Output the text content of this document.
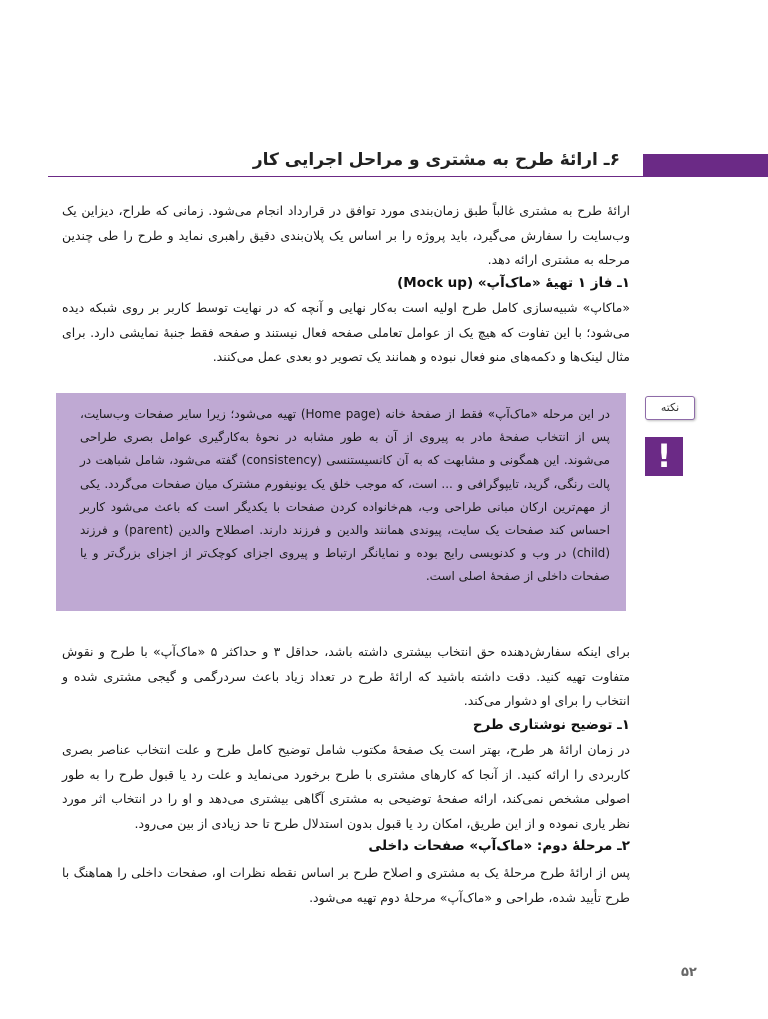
۶ـ ارائهٔ طرح به مشتری و مراحل اجرایی کار

ارائهٔ طرح به مشتری غالباً طبق زمان‌بندی مورد توافق در قرارداد انجام می‌شود. زمانی که طراح، دیزاین یک وب‌سایت را سفارش می‌گیرد، باید پروژه را بر اساس یک پلان‌بندی دقیق راهبری نماید و طرح را طی چندین مرحله به مشتری ارائه دهد.

۱ـ فاز ۱ تهیهٔ «ماک‌آپ» (Mock up)

«ماکاپ» شبیه‌سازی کامل طرح اولیه است به‌کار نهایی و آنچه که در نهایت توسط کاربر بر روی شبکه دیده می‌شود؛ با این تفاوت که هیچ یک از عوامل تعاملی صفحه فعال نیستند و صفحه فقط جنبهٔ نمایشی دارد. برای مثال لینک‌ها و دکمه‌های منو فعال نبوده و همانند یک تصویر دو بعدی عمل می‌کنند.

در این مرحله «ماک‌آپ» فقط از صفحهٔ خانه (Home page) تهیه می‌شود؛ زیرا سایر صفحات وب‌سایت، پس از انتخاب صفحهٔ مادر به پیروی از آن به طور مشابه در نحوهٔ به‌کارگیری عوامل بصری طراحی می‌شوند. این همگونی و مشابهت که به آن کانسیستنسی (consistency) گفته می‌شود، شامل شباهت در پالت رنگی، گرید، تایپوگرافی و ... است، که موجب خلق یک یونیفورم مشترک میان صفحات می‌گردد. یکی از مهم‌ترین ارکان مبانی طراحی وب، هم‌خانواده کردن صفحات با یکدیگر است که باعث می‌شود کاربر احساس کند صفحات یک سایت، پیوندی همانند والدین و فرزند دارند. اصطلاح والدین (parent) و فرزند (child) در وب و کدنویسی رایج بوده و نمایانگر ارتباط و پیروی اجزای کوچک‌تر از اجزای بزرگ‌تر و یا صفحات داخلی از صفحهٔ اصلی است.

نکته
!

برای اینکه سفارش‌دهنده حق انتخاب بیشتری داشته باشد، حداقل ۳ و حداکثر ۵ «ماک‌آپ» با طرح و نقوش متفاوت تهیه کنید. دقت داشته باشید که ارائهٔ طرح در تعداد زیاد باعث سردرگمی و گیجی مشتری شده و انتخاب را برای او دشوار می‌کند.

۱ـ توضیح نوشتاری طرح

در زمان ارائهٔ هر طرح، بهتر است یک صفحهٔ مکتوب شامل توضیح کامل طرح و علت انتخاب عناصر بصری کاربردی را ارائه کنید. از آنجا که کارهای مشتری با طرح برخورد می‌نماید و علت رد یا قبول طرح را به طور اصولی مشخص نمی‌کند، ارائه صفحهٔ توضیحی به مشتری آگاهی بیشتری می‌دهد و او را در انتخاب اثر مورد نظر یاری نموده و از این طریق، امکان رد یا قبول بدون استدلال طرح تا حد زیادی از بین می‌رود.

۲ـ مرحلهٔ دوم: «ماک‌آپ» صفحات داخلی

پس از ارائهٔ طرح مرحلهٔ یک به مشتری و اصلاح طرح بر اساس نقطه نظرات او، صفحات داخلی را هماهنگ با طرح تأیید شده، طراحی و «ماک‌آپ» مرحلهٔ دوم تهیه می‌شود.

۵۲
